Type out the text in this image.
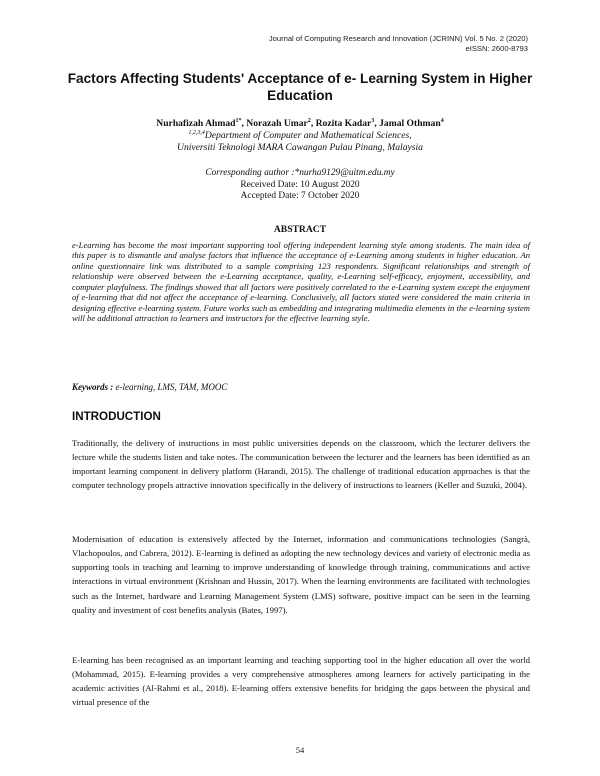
Journal of Computing Research and Innovation (JCRINN) Vol. 5 No. 2 (2020)
eISSN: 2600-8793
Factors Affecting Students' Acceptance of e- Learning System in Higher Education
Nurhafizah Ahmad$^{1*}$, Norazah Umar$^2$, Rozita Kadar$^3$, Jamal Othman$^4$
$^{1,2,3,4}$Department of Computer and Mathematical Sciences,
Universiti Teknologi MARA Cawangan Pulau Pinang, Malaysia
Corresponding author :*nurha9129@uitm.edu.my
Received Date: 10 August 2020
Accepted Date: 7 October 2020
ABSTRACT
e-Learning has become the most important supporting tool offering independent learning style among students. The main idea of this paper is to dismantle and analyse factors that influence the acceptance of e-Learning among students in higher education. An online questionnaire link was distributed to a sample comprising 123 respondents. Significant relationships and strength of relationship were observed between the e-Learning acceptance, quality, e-Learning self-efficacy, enjoyment, accessibility, and computer playfulness. The findings showed that all factors were positively correlated to the e-Learning system except the enjoyment of e-learning that did not affect the acceptance of e-learning. Conclusively, all factors stated were considered the main criteria in designing effective e-learning system. Future works such as embedding and integrating multimedia elements in the e-learning system will be additional attraction to learners and instructors for the effective learning style.
Keywords : e-learning, LMS, TAM, MOOC
INTRODUCTION
Traditionally, the delivery of instructions in most public universities depends on the classroom, which the lecturer delivers the lecture while the students listen and take notes. The communication between the lecturer and the learners has been identified as an important learning component in delivery platform (Harandi, 2015). The challenge of traditional education approaches is that the computer technology propels attractive innovation specifically in the delivery of instructions to learners (Keller and Suzuki, 2004).
Modernisation of education is extensively affected by the Internet, information and communications technologies (Sangrà, Vlachopoulos, and Cabrera, 2012). E-learning is defined as adopting the new technology devices and variety of electronic media as supporting tools in teaching and learning to improve understanding of knowledge through training, communications and active interactions in virtual environment (Krishnan and Hussin, 2017). When the learning environments are facilitated with technologies such as the Internet, hardware and Learning Management System (LMS) software, positive impact can be seen in the learning quality and investment of cost benefits analysis (Bates, 1997).
E-learning has been recognised as an important learning and teaching supporting tool in the higher education all over the world (Mohammad, 2015). E-learning provides a very comprehensive atmospheres among learners for actively participating in the academic activities (Al-Rahmi et al., 2018). E-learning offers extensive benefits for bridging the gaps between the physical and virtual presence of the
54
